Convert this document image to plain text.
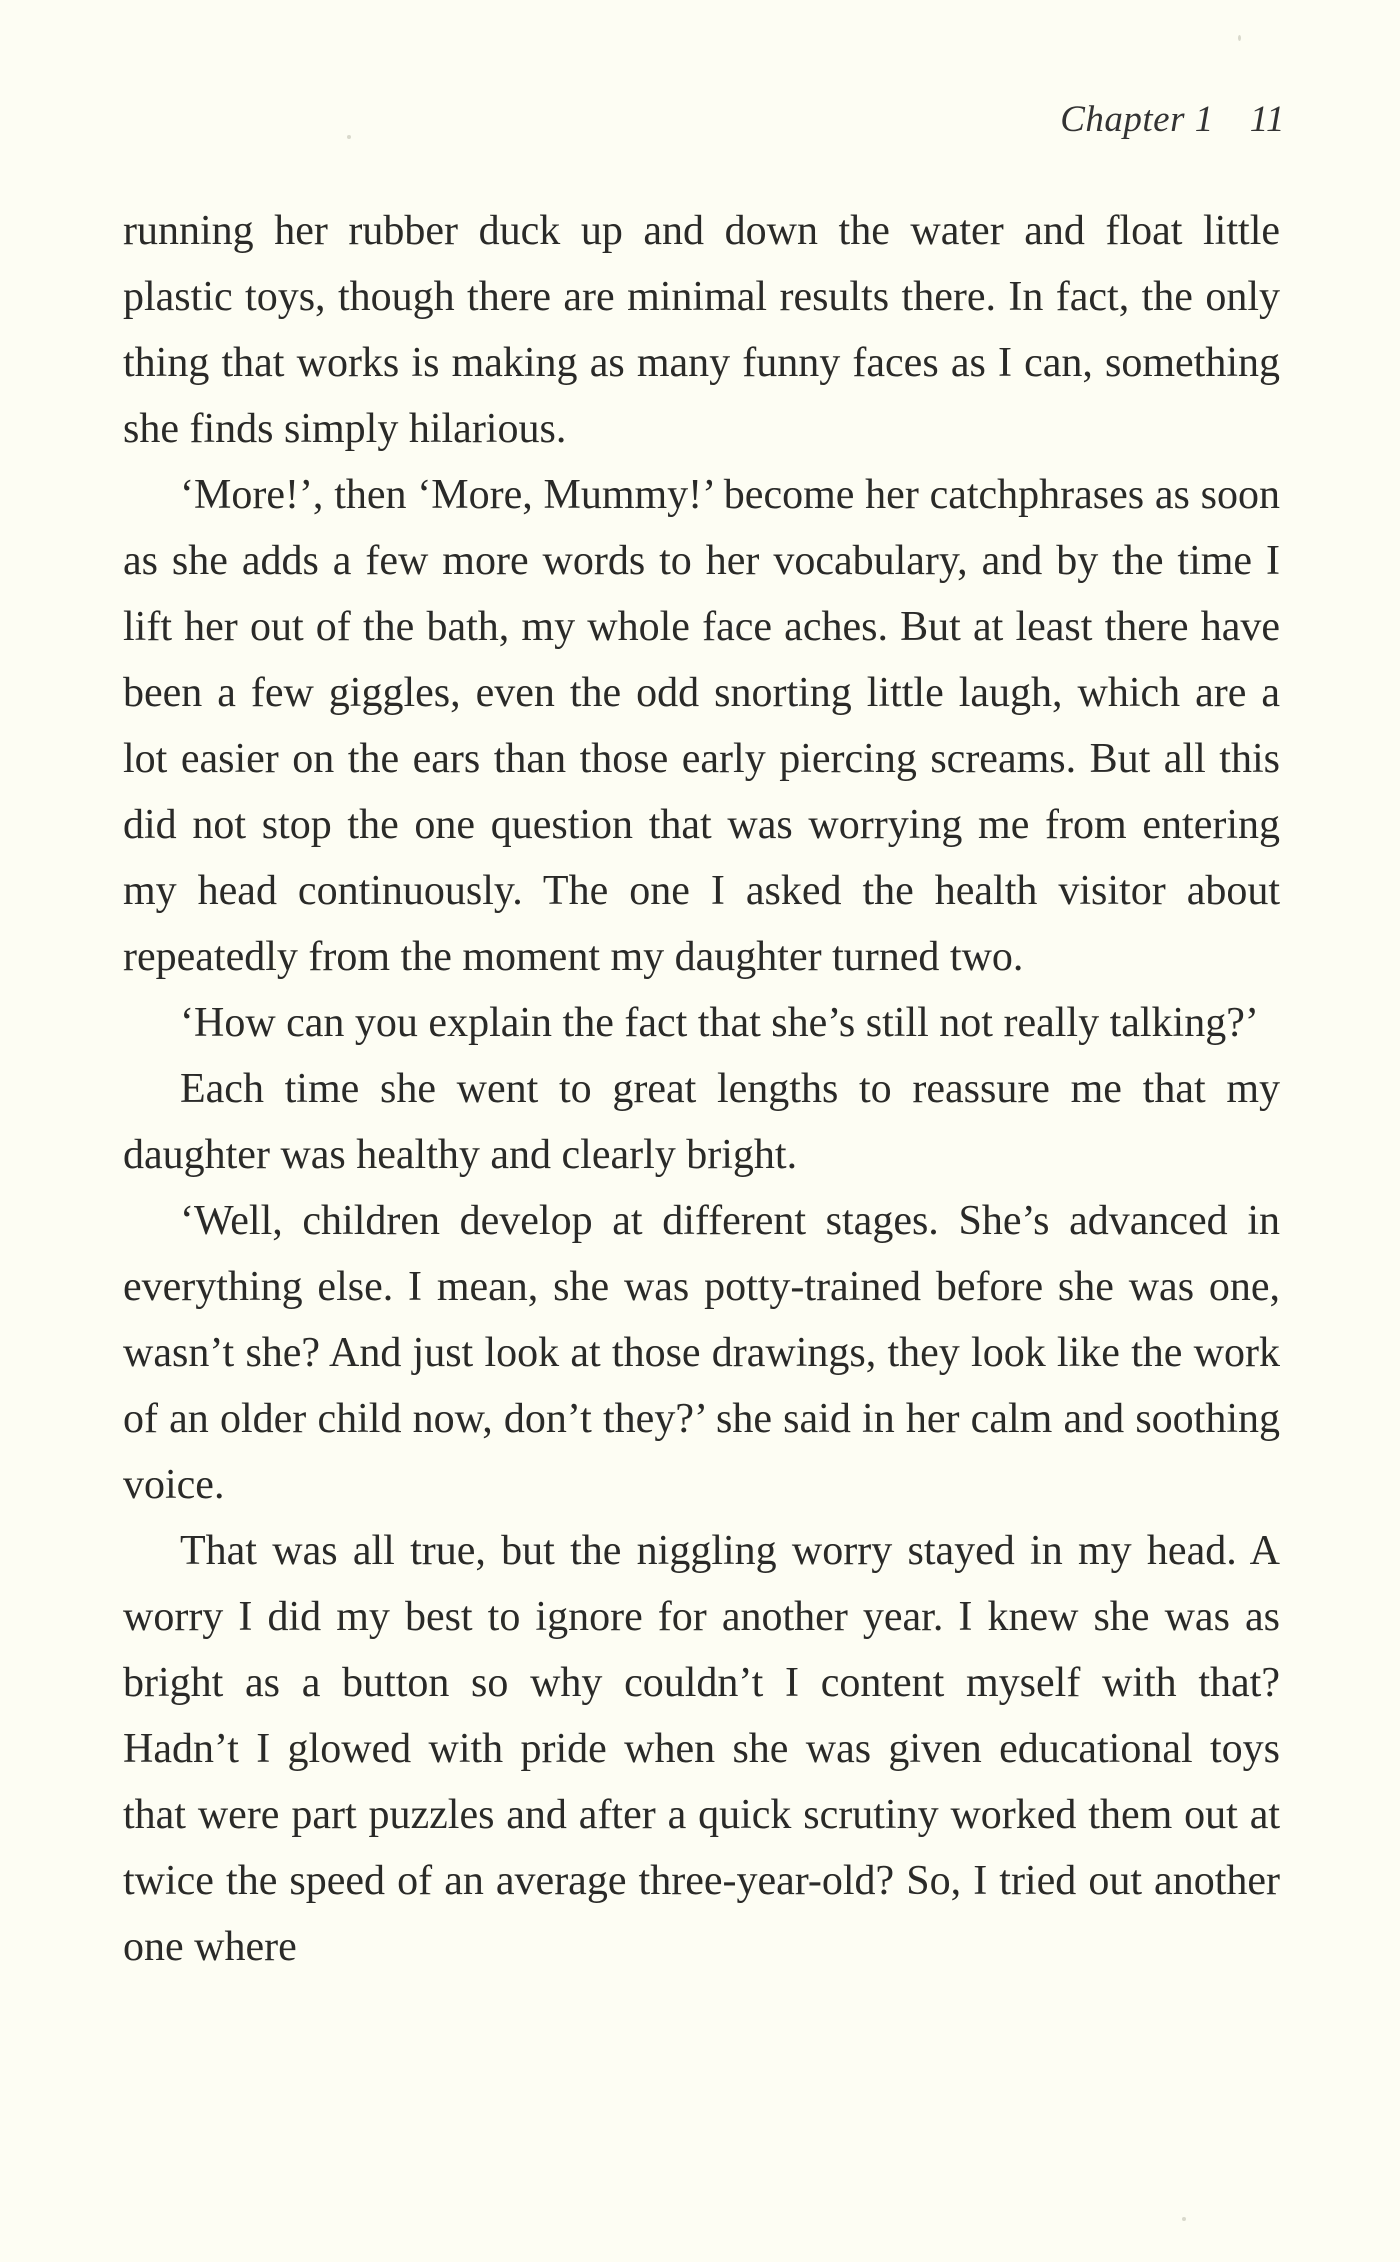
Chapter 1 11

running her rubber duck up and down the water and float little plastic toys, though there are minimal results there. In fact, the only thing that works is making as many funny faces as I can, something she finds simply hilarious.

‘More!’, then ‘More, Mummy!’ become her catchphrases as soon as she adds a few more words to her vocabulary, and by the time I lift her out of the bath, my whole face aches. But at least there have been a few giggles, even the odd snorting little laugh, which are a lot easier on the ears than those early piercing screams. But all this did not stop the one question that was worrying me from entering my head continuously. The one I asked the health visitor about repeatedly from the moment my daughter turned two.

‘How can you explain the fact that she’s still not really talking?’

Each time she went to great lengths to reassure me that my daughter was healthy and clearly bright.

‘Well, children develop at different stages. She’s advanced in everything else. I mean, she was potty-trained before she was one, wasn’t she? And just look at those drawings, they look like the work of an older child now, don’t they?’ she said in her calm and soothing voice.

That was all true, but the niggling worry stayed in my head. A worry I did my best to ignore for another year. I knew she was as bright as a button so why couldn’t I content myself with that? Hadn’t I glowed with pride when she was given educational toys that were part puzzles and after a quick scrutiny worked them out at twice the speed of an average three-year-old? So, I tried out another one where
